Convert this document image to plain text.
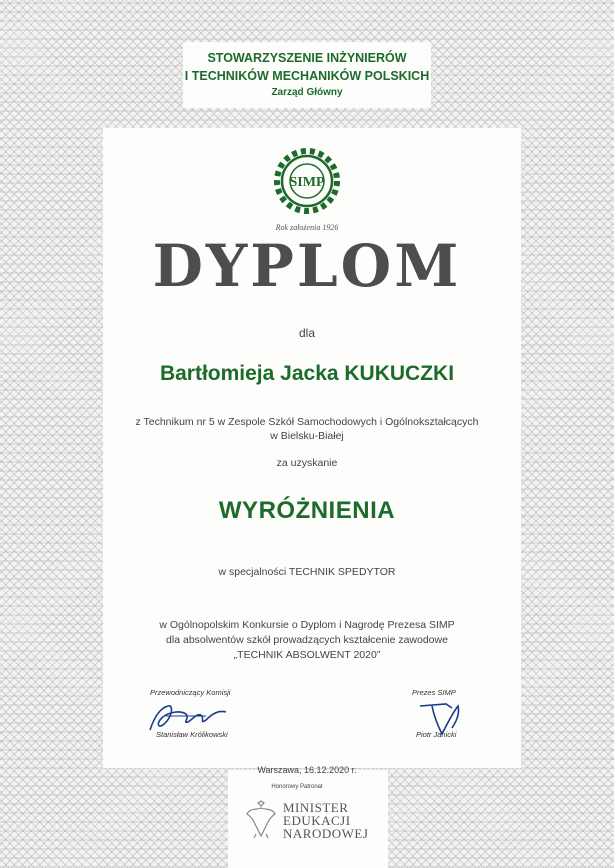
STOWARZYSZENIE INŻYNIERÓW
I TECHNIKÓW MECHANIKÓW POLSKICH
Zarząd Główny
SIMP
Rok założenia 1926
DYPLOM
dla
Bartłomieja Jacka KUKUCZKI
z Technikum nr 5 w Zespole Szkół Samochodowych i Ogólnokształcących
w Bielsku-Białej
za uzyskanie
WYRÓŻNIENIA
w specjalności TECHNIK SPEDYTOR
w Ogólnopolskim Konkursie o Dyplom i Nagrodę Prezesa SIMP
dla absolwentów szkół prowadzących kształcenie zawodowe
„TECHNIK ABSOLWENT 2020”
Przewodniczący Komisji
Stanisław Królikowski
Prezes SIMP
Piotr Janicki
Warszawa, 16.12.2020 r.
Honorowy Patronat
MINISTER
EDUKACJI
NARODOWEJ
